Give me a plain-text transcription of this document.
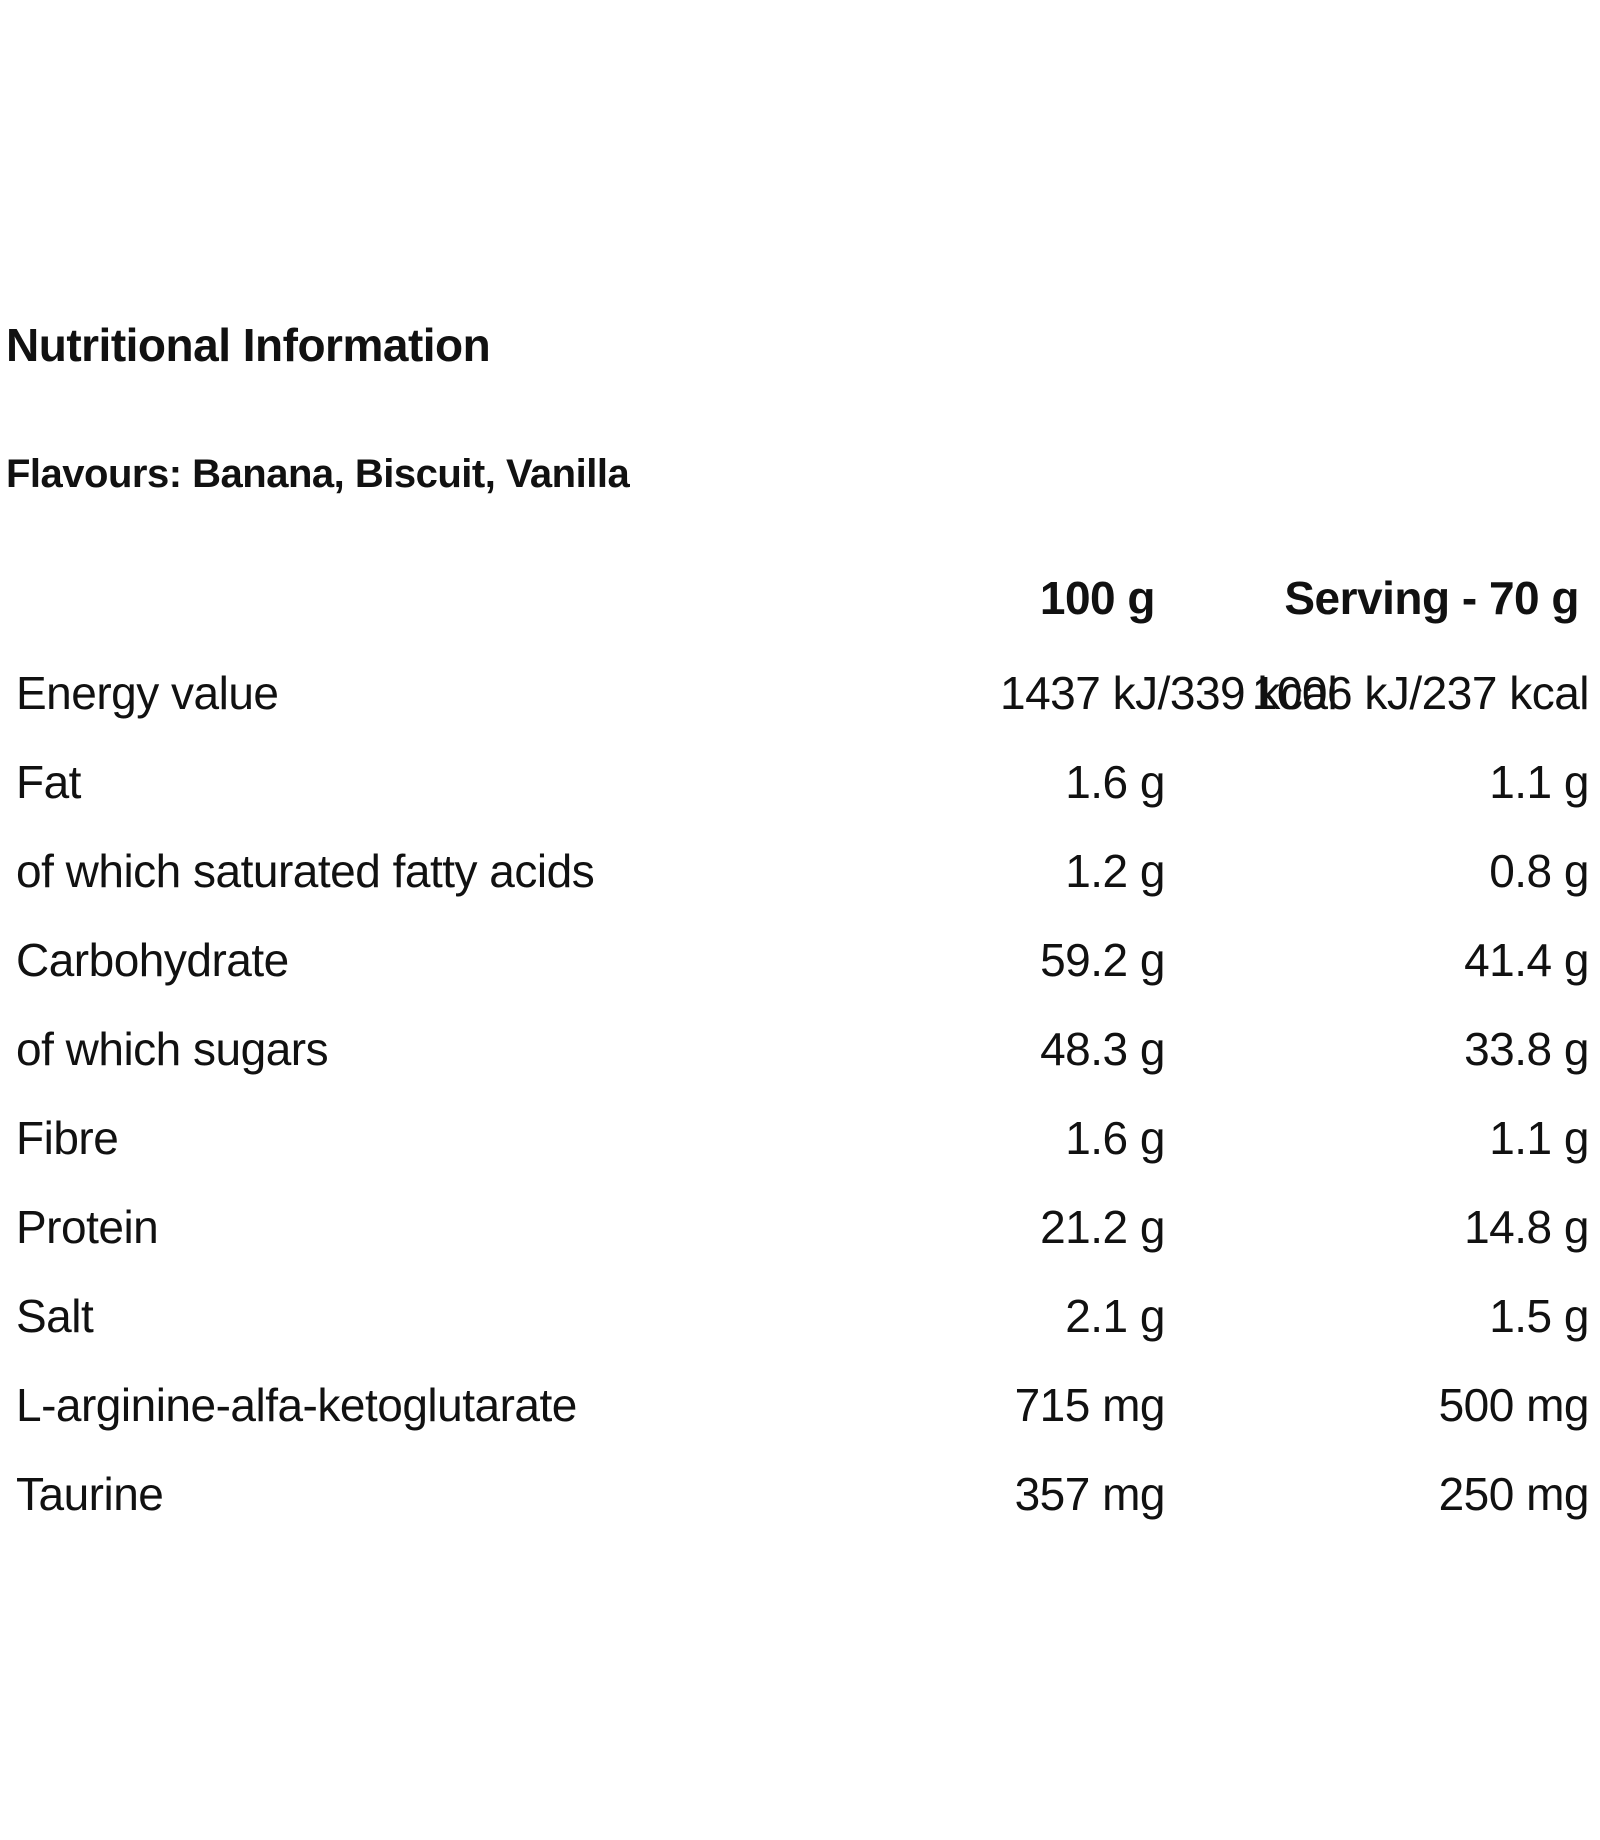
Nutritional Information
Flavours: Banana, Biscuit, Vanilla
	100 g	Serving - 70 g
Energy value	1437 kJ/339 kcal	1006 kJ/237 kcal
Fat	1.6 g	1.1 g
of which saturated fatty acids	1.2 g	0.8 g
Carbohydrate	59.2 g	41.4 g
of which sugars	48.3 g	33.8 g
Fibre	1.6 g	1.1 g
Protein	21.2 g	14.8 g
Salt	2.1 g	1.5 g
L-arginine-alfa-ketoglutarate	715 mg	500 mg
Taurine	357 mg	250 mg
